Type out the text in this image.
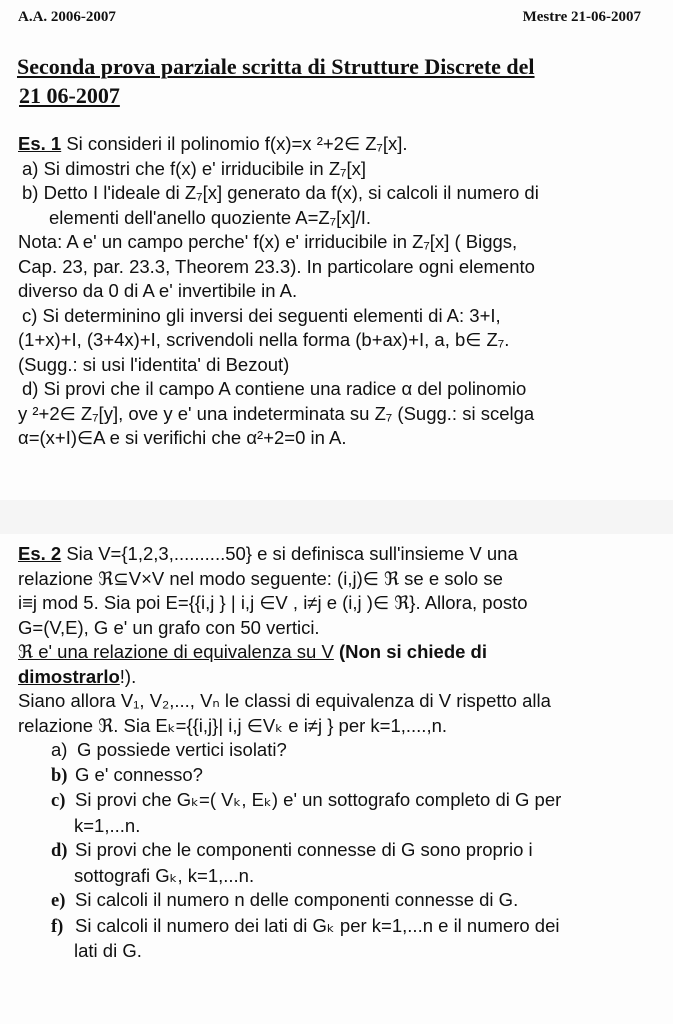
A.A. 2006-2007	Mestre 21-06-2007
Seconda prova parziale scritta di Strutture Discrete del
21 06-2007
Es. 1 Si consideri il polinomio f(x)=x ²+2∈ Z₇[x].
a) Si dimostri che f(x) e' irriducibile in Z₇[x]
b) Detto I l'ideale di Z₇[x] generato da f(x), si calcoli il numero di
elementi dell'anello quoziente A=Z₇[x]/I.
Nota: A e' un campo perche' f(x) e' irriducibile in Z₇[x] ( Biggs,
Cap. 23, par. 23.3, Theorem 23.3). In particolare ogni elemento
diverso da 0 di A e' invertibile in A.
c) Si determinino gli inversi dei seguenti elementi di A: 3+I,
(1+x)+I, (3+4x)+I, scrivendoli nella forma (b+ax)+I, a, b∈ Z₇.
(Sugg.: si usi l'identita' di Bezout)
d) Si provi che il campo A contiene una radice α del polinomio
y ²+2∈ Z₇[y], ove y e' una indeterminata su Z₇ (Sugg.: si scelga
α=(x+I)∈A e si verifichi che α²+2=0 in A.
Es. 2 Sia V={1,2,3,..........50} e si definisca sull'insieme V una
relazione ℜ⊆V×V nel modo seguente: (i,j)∈ ℜ se e solo se
i≡j mod 5. Sia poi E={{i,j } | i,j ∈V , i≠j e (i,j )∈ ℜ}. Allora, posto
G=(V,E), G e' un grafo con 50 vertici.
ℜ e' una relazione di equivalenza su V (Non si chiede di
dimostrarlo!).
Siano allora V₁, V₂,..., Vₙ le classi di equivalenza di V rispetto alla
relazione ℜ. Sia Eₖ={{i,j}| i,j ∈Vₖ e i≠j } per k=1,....,n.
a) G possiede vertici isolati?
b) G e' connesso?
c) Si provi che Gₖ=( Vₖ, Eₖ) e' un sottografo completo di G per
k=1,...n.
d) Si provi che le componenti connesse di G sono proprio i
sottografi Gₖ, k=1,...n.
e) Si calcoli il numero n delle componenti connesse di G.
f) Si calcoli il numero dei lati di Gₖ per k=1,...n e il numero dei
lati di G.
